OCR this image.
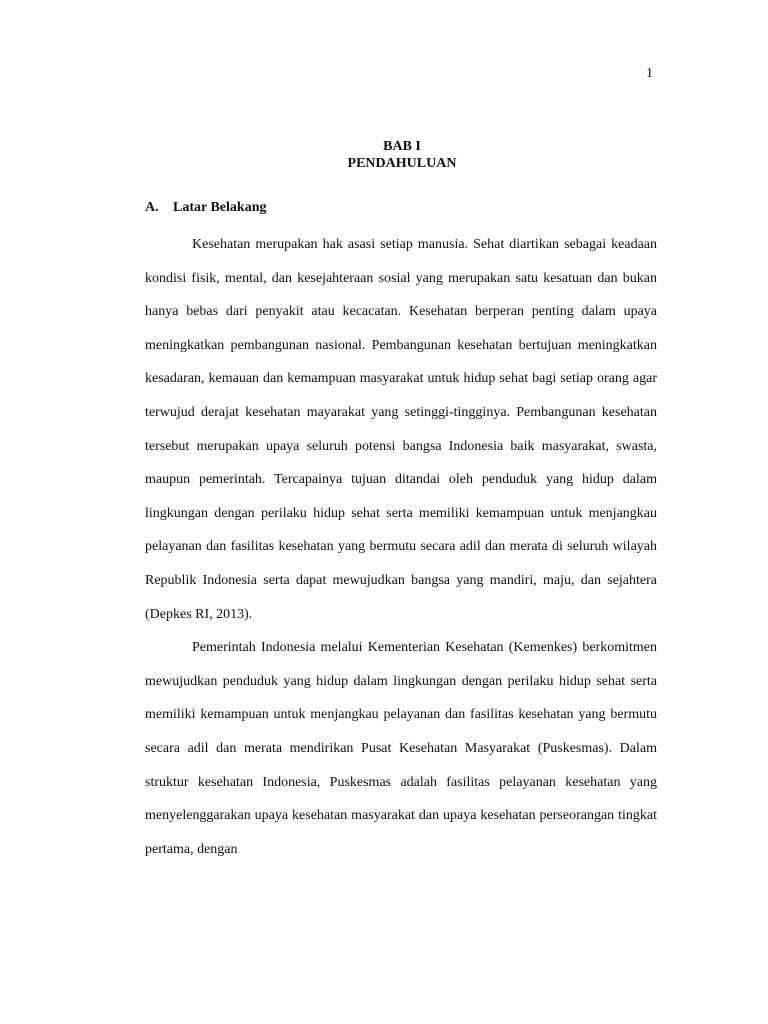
1
BAB I
PENDAHULUAN
A. Latar Belakang

Kesehatan merupakan hak asasi setiap manusia. Sehat diartikan sebagai keadaan kondisi fisik, mental, dan kesejahteraan sosial yang merupakan satu kesatuan dan bukan hanya bebas dari penyakit atau kecacatan. Kesehatan berperan penting dalam upaya meningkatkan pembangunan nasional. Pembangunan kesehatan bertujuan meningkatkan kesadaran, kemauan dan kemampuan masyarakat untuk hidup sehat bagi setiap orang agar terwujud derajat kesehatan mayarakat yang setinggi-tingginya. Pembangunan kesehatan tersebut merupakan upaya seluruh potensi bangsa Indonesia baik masyarakat, swasta, maupun pemerintah. Tercapainya tujuan ditandai oleh penduduk yang hidup dalam lingkungan dengan perilaku hidup sehat serta memiliki kemampuan untuk menjangkau pelayanan dan fasilitas kesehatan yang bermutu secara adil dan merata di seluruh wilayah Republik Indonesia serta dapat mewujudkan bangsa yang mandiri, maju, dan sejahtera (Depkes RI, 2013).

Pemerintah Indonesia melalui Kementerian Kesehatan (Kemenkes) berkomitmen mewujudkan penduduk yang hidup dalam lingkungan dengan perilaku hidup sehat serta memiliki kemampuan untuk menjangkau pelayanan dan fasilitas kesehatan yang bermutu secara adil dan merata mendirikan Pusat Kesehatan Masyarakat (Puskesmas). Dalam struktur kesehatan Indonesia, Puskesmas adalah fasilitas pelayanan kesehatan yang menyelenggarakan upaya kesehatan masyarakat dan upaya kesehatan perseorangan tingkat pertama, dengan
